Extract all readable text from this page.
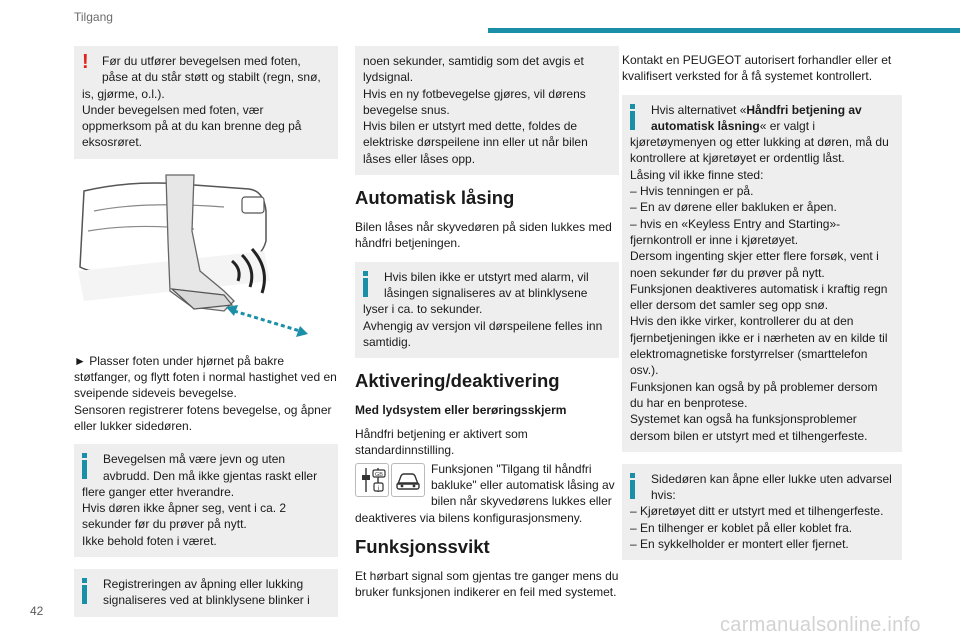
Tilgang
!	Før du utfører bevegelsen med foten, påse at du står støtt og stabilt (regn, snø, is, gjørme, o.l.).

Under bevegelsen med foten, vær oppmerksom på at du kan brenne deg på eksosrøret.

► Plasser foten under hjørnet på bakre støtfanger, og flytt foten i normal hastighet ved en sveipende sideveis bevegelse.

Sensoren registrerer fotens bevegelse, og åpner eller lukker sidedøren.

Bevegelsen må være jevn og uten avbrudd. Den må ikke gjentas raskt eller flere ganger etter hverandre.

Hvis døren ikke åpner seg, vent i ca. 2 sekunder før du prøver på nytt.

Ikke behold foten i været.

Registreringen av åpning eller lukking signaliseres ved at blinklysene blinker i

noen sekunder, samtidig som det avgis et lydsignal.

Hvis en ny fotbevegelse gjøres, vil dørens bevegelse snus.

Hvis bilen er utstyrt med dette, foldes de elektriske dørspeilene inn eller ut når bilen låses eller låses opp.

Automatisk låsing

Bilen låses når skyvedøren på siden lukkes med håndfri betjeningen.

Hvis bilen ikke er utstyrt med alarm, vil låsingen signaliseres av at blinklysene lyser i ca. to sekunder.

Avhengig av versjon vil dørspeilene felles inn samtidig.

Aktivering/deaktivering
Med lydsystem eller berøringsskjerm

Håndfri betjening er aktivert som standardinnstilling.

GB
i

Funksjonen "Tilgang til håndfri bakluke" eller automatisk låsing av bilen når skyvedørens lukkes eller deaktiveres via bilens konfigurasjonsmeny.

Funksjonssvikt

Et hørbart signal som gjentas tre ganger mens du bruker funksjonen indikerer en feil med systemet.

Kontakt en PEUGEOT autorisert forhandler eller et kvalifisert verksted for å få systemet kontrollert.

Hvis alternativet «Håndfri betjening av automatisk låsning« er valgt i kjøretøymenyen og etter lukking at døren, må du kontrollere at kjøretøyet er ordentlig låst.

Låsing vil ikke finne sted:

– Hvis tenningen er på.

– En av dørene eller bakluken er åpen.

– hvis en «Keyless Entry and Starting»-fjernkontroll er inne i kjøretøyet.

Dersom ingenting skjer etter flere forsøk, vent i noen sekunder før du prøver på nytt.

Funksjonen deaktiveres automatisk i kraftig regn eller dersom det samler seg opp snø.

Hvis den ikke virker, kontrollerer du at den fjernbetjeningen ikke er i nærheten av en kilde til elektromagnetiske forstyrrelser (smarttelefon osv.).

Funksjonen kan også by på problemer dersom du har en benprotese.

Systemet kan også ha funksjonsproblemer dersom bilen er utstyrt med et tilhengerfeste.

Sidedøren kan åpne eller lukke uten advarsel hvis:

– Kjøretøyet ditt er utstyrt med et tilhengerfeste.

– En tilhenger er koblet på eller koblet fra.

– En sykkelholder er montert eller fjernet.

42
carmanualsonline.info
